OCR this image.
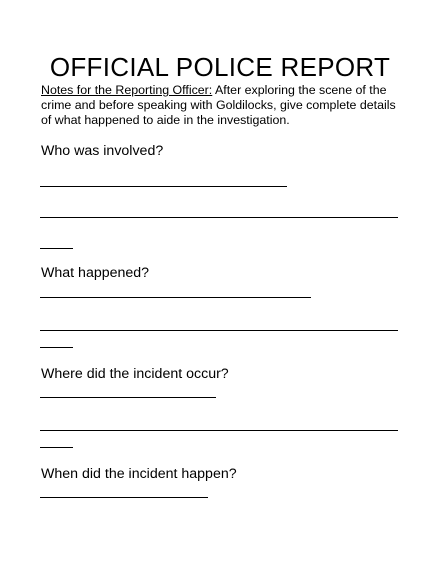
OFFICIAL POLICE REPORT

Notes for the Reporting Officer: After exploring the scene of the crime and before speaking with Goldilocks, give complete details of what happened to aide in the investigation.

Who was involved?

What happened?

Where did the incident occur?

When did the incident happen?
